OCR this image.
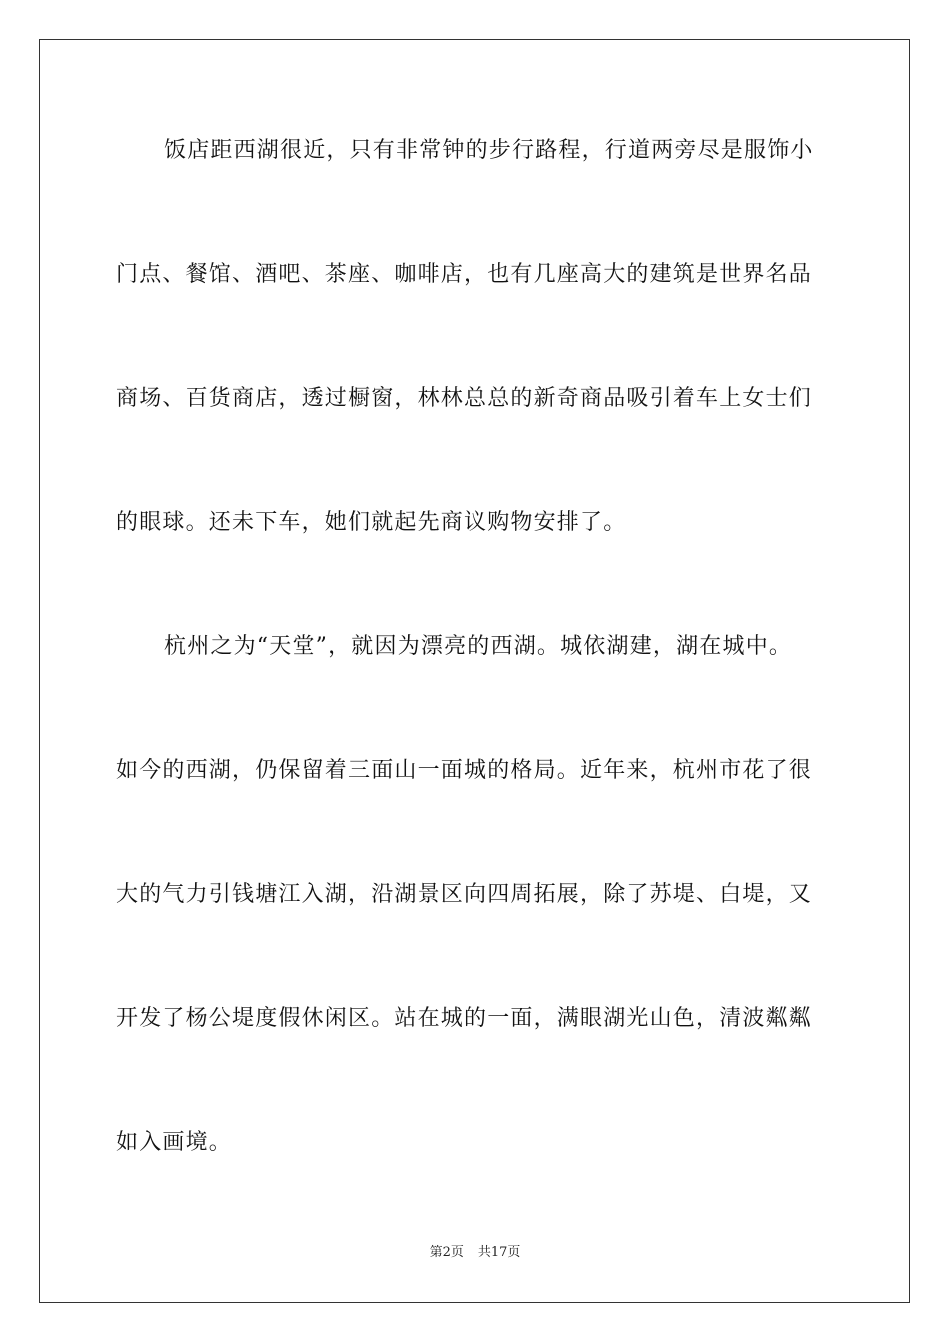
饭店距西湖很近，只有非常钟的步行路程，行道两旁尽是服饰小
门点、餐馆、酒吧、茶座、咖啡店，也有几座高大的建筑是世界名品
商场、百货商店，透过橱窗，林林总总的新奇商品吸引着车上女士们
的眼球。还未下车，她们就起先商议购物安排了。
杭州之为“天堂”，就因为漂亮的西湖。城依湖建，湖在城中。
如今的西湖，仍保留着三面山一面城的格局。近年来，杭州市花了很
大的气力引钱塘江入湖，沿湖景区向四周拓展，除了苏堤、白堤，又
开发了杨公堤度假休闲区。站在城的一面，满眼湖光山色，清波粼粼
如入画境。
第2页 共17页
